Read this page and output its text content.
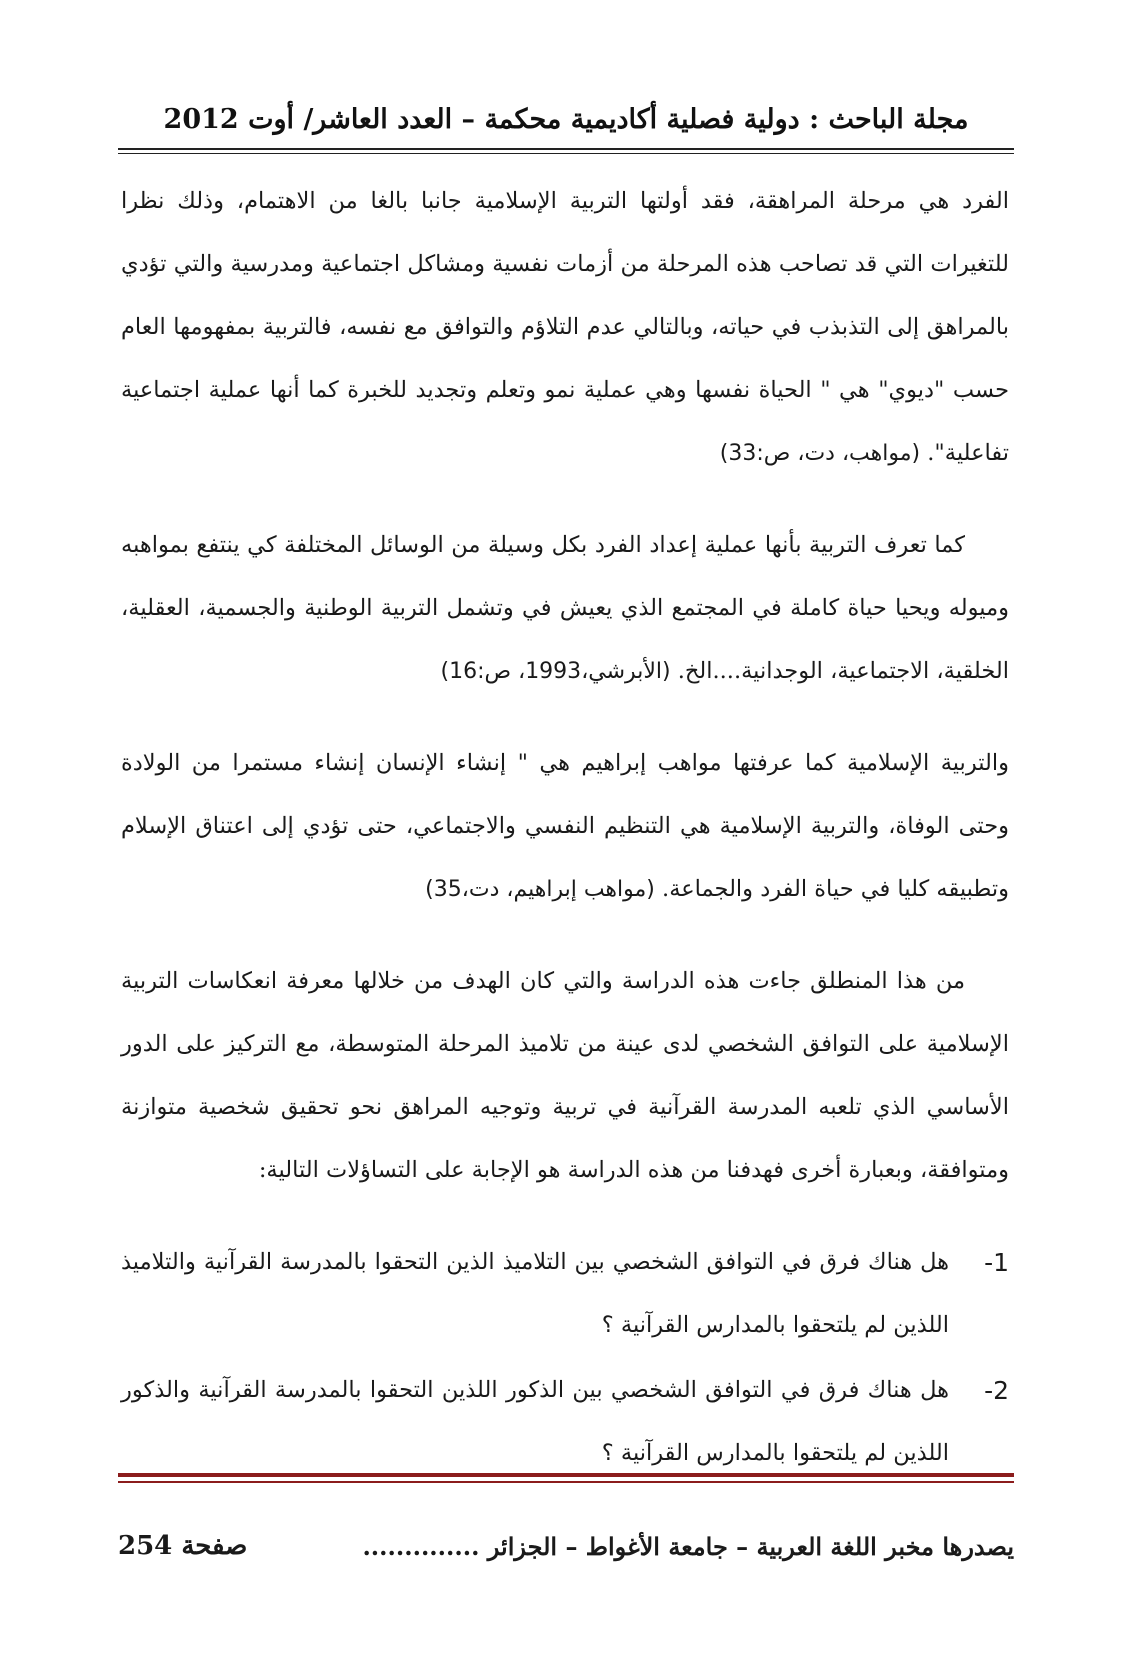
مجلة الباحث : دولية فصلية أكاديمية محكمة – العدد العاشر/ أوت 2012

الفرد هي مرحلة المراهقة، فقد أولتها التربية الإسلامية جانبا بالغا من الاهتمام، وذلك نظرا للتغيرات التي قد تصاحب هذه المرحلة من أزمات نفسية ومشاكل اجتماعية ومدرسية والتي تؤدي بالمراهق إلى التذبذب في حياته، وبالتالي عدم التلاؤم والتوافق مع نفسه، فالتربية بمفهومها العام حسب "ديوي" هي " الحياة نفسها وهي عملية نمو وتعلم وتجديد للخبرة كما أنها عملية اجتماعية تفاعلية". (مواهب، دت، ص:33)

كما تعرف التربية بأنها عملية إعداد الفرد بكل وسيلة من الوسائل المختلفة كي ينتفع بمواهبه وميوله ويحيا حياة كاملة في المجتمع الذي يعيش في وتشمل التربية الوطنية والجسمية، العقلية، الخلقية، الاجتماعية، الوجدانية....الخ. (الأبرشي،1993، ص:16)

والتربية الإسلامية كما عرفتها مواهب إبراهيم هي " إنشاء الإنسان إنشاء مستمرا من الولادة وحتى الوفاة، والتربية الإسلامية هي التنظيم النفسي والاجتماعي، حتى تؤدي إلى اعتناق الإسلام وتطبيقه كليا في حياة الفرد والجماعة. (مواهب إبراهيم، دت،35)

من هذا المنطلق جاءت هذه الدراسة والتي كان الهدف من خلالها معرفة انعكاسات التربية الإسلامية على التوافق الشخصي لدى عينة من تلاميذ المرحلة المتوسطة، مع التركيز على الدور الأساسي الذي تلعبه المدرسة القرآنية في تربية وتوجيه المراهق نحو تحقيق شخصية متوازنة ومتوافقة، وبعبارة أخرى فهدفنا من هذه الدراسة هو الإجابة على التساؤلات التالية:

1-
هل هناك فرق في التوافق الشخصي بين التلاميذ الذين التحقوا بالمدرسة القرآنية والتلاميذ اللذين لم يلتحقوا بالمدارس القرآنية ؟
2-
هل هناك فرق في التوافق الشخصي بين الذكور اللذين التحقوا بالمدرسة القرآنية والذكور اللذين لم يلتحقوا بالمدارس القرآنية ؟
يصدرها مخبر اللغة العربية – جامعة الأغواط – الجزائر ..............
صفحة 254
